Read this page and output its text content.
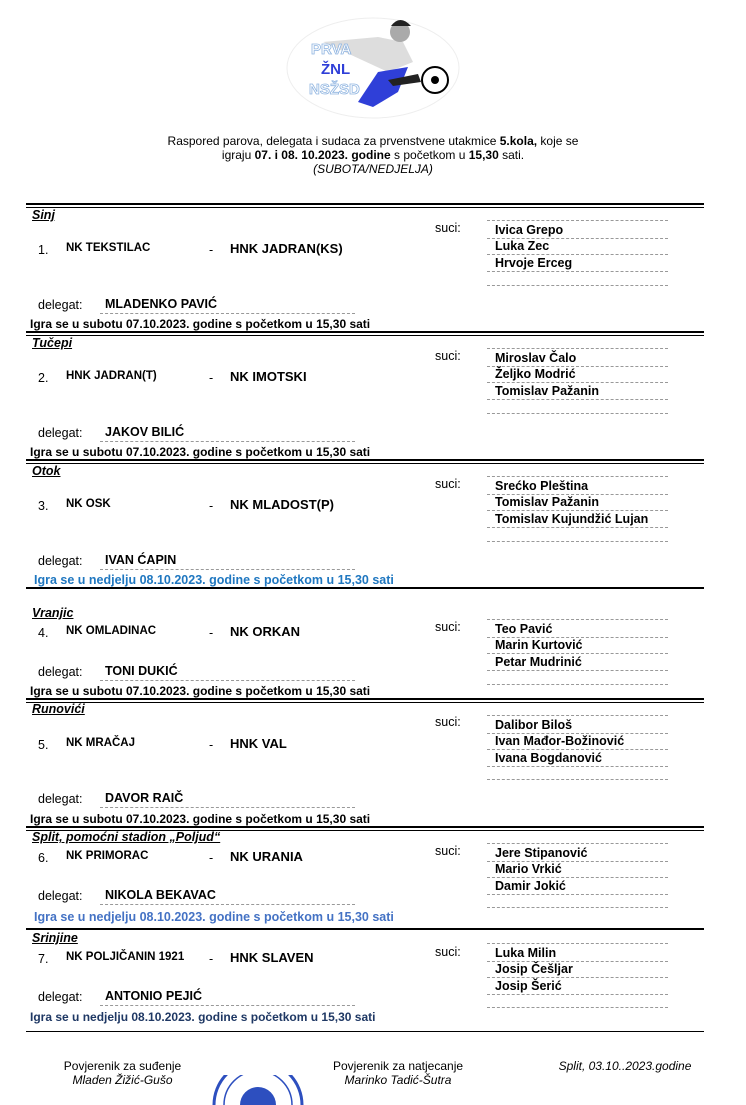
PRVA
ŽNL
NSŽSD
Raspored parova, delegata i sudaca za prvenstvene utakmice 5.kola, koje se
igraju 07. i 08. 10.2023. godine s početkom u 15,30 sati.
(SUBOTA/NEDJELJA)
Sinj
1. NK TEKSTILAC	- HNK JADRAN(KS)
suci:	Ivica Grepo
Luka Zec
Hrvoje Erceg
delegat: MLADENKO PAVIĆ
Igra se u subotu 07.10.2023. godine s početkom u 15,30 sati
Tučepi
2. HNK JADRAN(T)	- NK IMOTSKI
suci:	Miroslav Čalo
Željko Modrić
Tomislav Pažanin
delegat: JAKOV BILIĆ
Igra se u subotu 07.10.2023. godine s početkom u 15,30 sati
Otok
3. NK OSK	- NK MLADOST(P)
suci:	Srećko Pleština
Tomislav Pažanin
Tomislav Kujundžić Lujan
delegat: IVAN ĆAPIN
Igra se u nedjelju 08.10.2023. godine s početkom u 15,30 sati
Vranjic
4. NK OMLADINAC	- NK ORKAN	suci:	Teo Pavić
Marin Kurtović
Petar Mudrinić
delegat: TONI DUKIĆ
Igra se u subotu 07.10.2023. godine s početkom u 15,30 sati
Runovići
5. NK MRAČAJ	- HNK VAL
suci:	Dalibor Biloš
Ivan Mađor-Božinović
Ivana Bogdanović
delegat: DAVOR RAIČ
Igra se u subotu 07.10.2023. godine s početkom u 15,30 sati
Split, pomoćni stadion „Poljud“
6. NK PRIMORAC	- NK URANIA	suci:	Jere Stipanović
Mario Vrkić
Damir Jokić
delegat: NIKOLA BEKAVAC
Igra se u nedjelju 08.10.2023. godine s početkom u 15,30 sati
Srinjine
7. NK POLJIČANIN 1921 - HNK SLAVEN	suci:	Luka Milin
Josip Češljar
Josip Šerić
delegat: ANTONIO PEJIĆ
Igra se u nedjelju 08.10.2023. godine s početkom u 15,30 sati
Povjerenik za suđenje
Mladen Žižić-Gušo
Povjerenik za natjecanje
Marinko Tadić-Šutra
Split, 03.10..2023.godine
